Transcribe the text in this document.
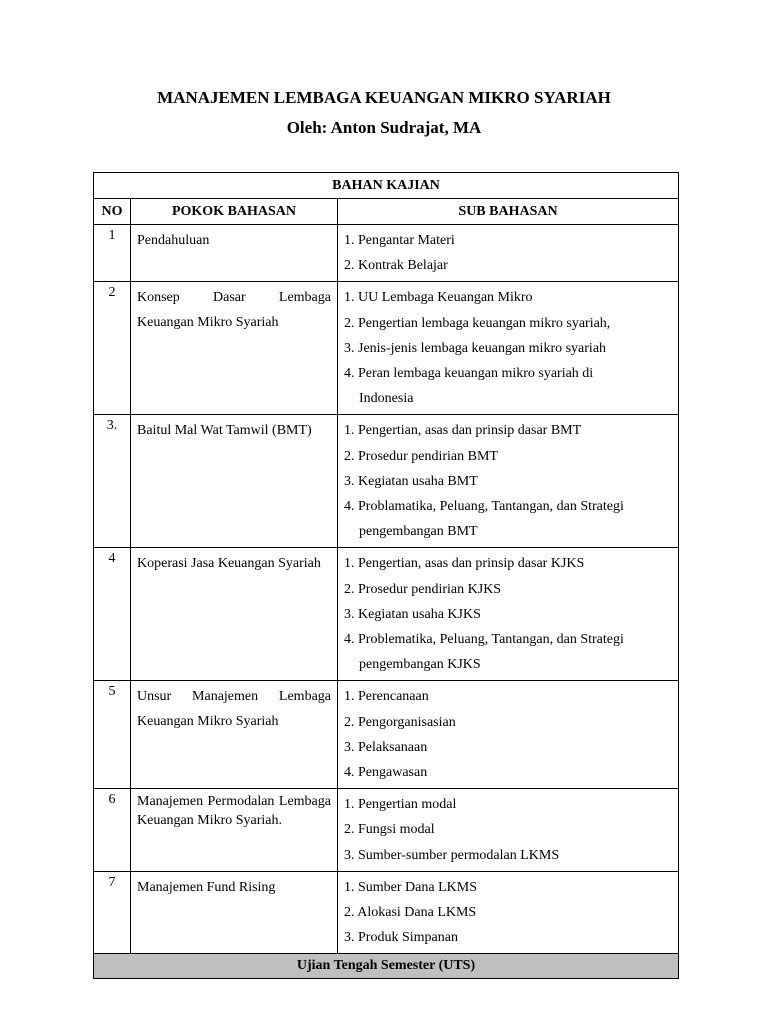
MANAJEMEN LEMBAGA KEUANGAN MIKRO SYARIAH
Oleh: Anton Sudrajat, MA
BAHAN KAJIAN		
NO	POKOK BAHASAN	SUB BAHASAN
1	Pendahuluan	1. Pengantar Materi
2. Kontrak Belajar

2	Konsep Dasar Lembaga Keuangan Mikro Syariah	1. UU Lembaga Keuangan Mikro
2. Pengertian lembaga keuangan mikro syariah,
3. Jenis-jenis lembaga keuangan mikro syariah
4. Peran lembaga keuangan mikro syariah di
Indonesia

3.	Baitul Mal Wat Tamwil (BMT)	1. Pengertian, asas dan prinsip dasar BMT
2. Prosedur pendirian BMT
3. Kegiatan usaha BMT
4. Problamatika, Peluang, Tantangan, dan Strategi
pengembangan BMT

4	Koperasi Jasa Keuangan Syariah	1. Pengertian, asas dan prinsip dasar KJKS
2. Prosedur pendirian KJKS
3. Kegiatan usaha KJKS
4. Problematika, Peluang, Tantangan, dan Strategi
pengembangan KJKS

5	Unsur Manajemen Lembaga Keuangan Mikro Syariah	1. Perencanaan
2. Pengorganisasian
3. Pelaksanaan
4. Pengawasan

6	Manajemen Permodalan Lembaga Keuangan Mikro Syariah.	1. Pengertian modal
2. Fungsi modal
3. Sumber-sumber permodalan LKMS

7	Manajemen Fund Rising	1. Sumber Dana LKMS
2. Alokasi Dana LKMS
3. Produk Simpanan

Ujian Tengah Semester (UTS)		
